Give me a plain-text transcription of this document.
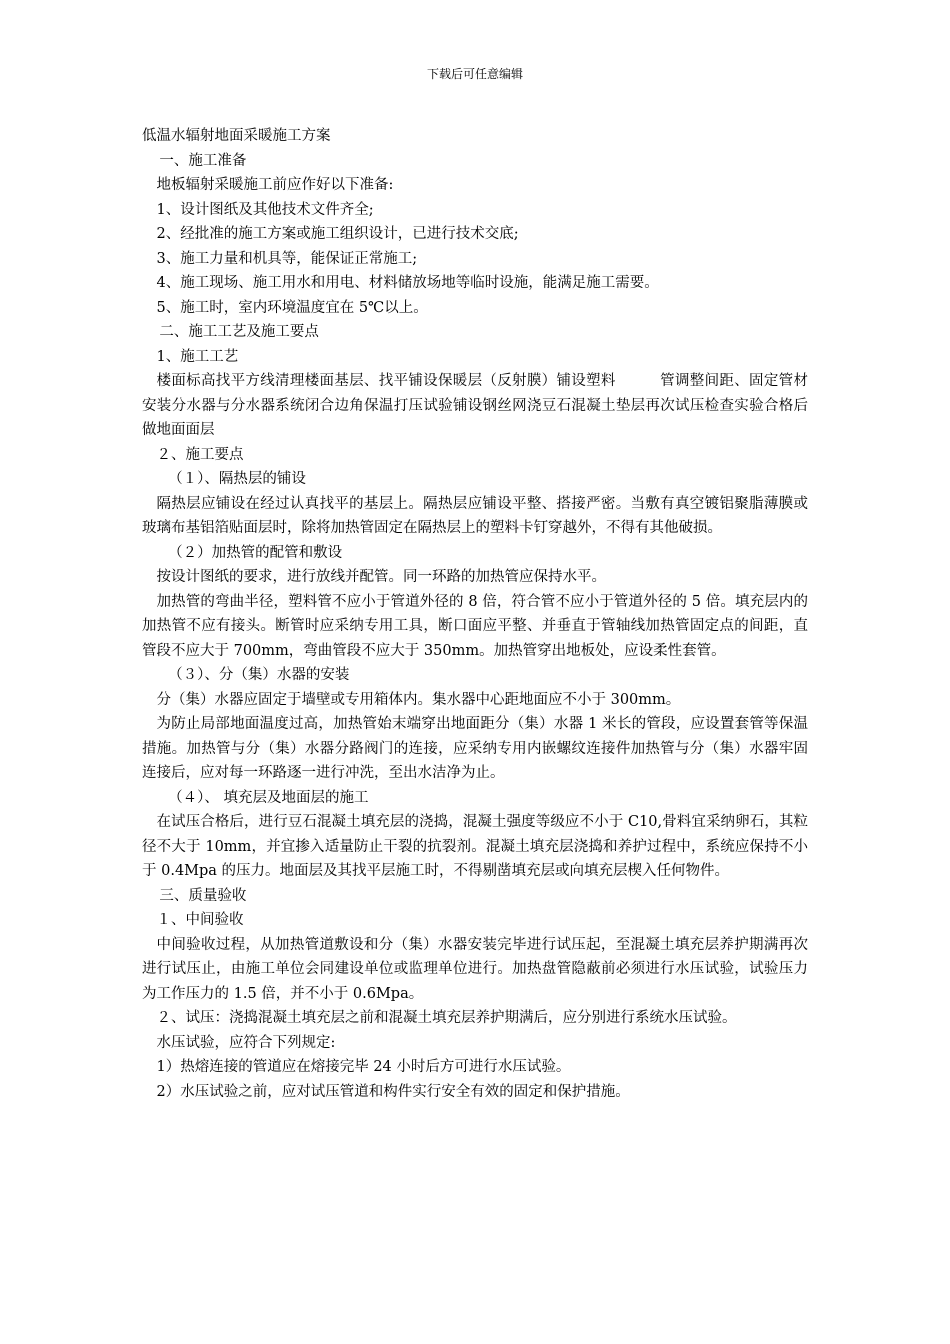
下载后可任意编辑

低温水辐射地面采暖施工方案

一、施工准备

地板辐射采暖施工前应作好以下准备:

1、设计图纸及其他技术文件齐全;

2、经批准的施工方案或施工组织设计，已进行技术交底;

3、施工力量和机具等，能保证正常施工;

4、施工现场、施工用水和用电、材料储放场地等临时设施，能满足施工需要。

5、施工时，室内环境温度宜在 5℃以上。

二、施工工艺及施工要点

1、施工工艺

楼面标高找平方线清理楼面基层、找平铺设保暖层（反射膜）铺设塑料　　　管调整间距、固定管材安装分水器与分水器系统闭合边角保温打压试验铺设钢丝网浇豆石混凝土垫层再次试压检查实验合格后做地面面层

２、施工要点

（１）、隔热层的铺设

隔热层应铺设在经过认真找平的基层上。隔热层应铺设平整、搭接严密。当敷有真空镀铝聚脂薄膜或玻璃布基铝箔贴面层时，除将加热管固定在隔热层上的塑料卡钉穿越外，不得有其他破损。

（２）加热管的配管和敷设

按设计图纸的要求，进行放线并配管。同一环路的加热管应保持水平。

加热管的弯曲半径，塑料管不应小于管道外径的 8 倍，符合管不应小于管道外径的 5 倍。填充层内的加热管不应有接头。断管时应采纳专用工具，断口面应平整、并垂直于管轴线加热管固定点的间距，直管段不应大于 700mm，弯曲管段不应大于 350mm。加热管穿出地板处，应设柔性套管。

（３）、分（集）水器的安装

分（集）水器应固定于墙壁或专用箱体内。集水器中心距地面应不小于 300mm。

为防止局部地面温度过高，加热管始末端穿出地面距分（集）水器 1 米长的管段，应设置套管等保温措施。加热管与分（集）水器分路阀门的连接，应采纳专用内嵌螺纹连接件加热管与分（集）水器牢固连接后，应对每一环路逐一进行冲洗，至出水洁净为止。

（４）、 填充层及地面层的施工

在试压合格后，进行豆石混凝土填充层的浇捣，混凝土强度等级应不小于 C10,骨料宜采纳卵石，其粒径不大于 10mm，并宜掺入适量防止干裂的抗裂剂。混凝土填充层浇捣和养护过程中，系统应保持不小于 0.4Mpa 的压力。地面层及其找平层施工时，不得剔凿填充层或向填充层楔入任何物件。

三、质量验收

１、中间验收

中间验收过程，从加热管道敷设和分（集）水器安装完毕进行试压起，至混凝土填充层养护期满再次进行试压止，由施工单位会同建设单位或监理单位进行。加热盘管隐蔽前必须进行水压试验，试验压力为工作压力的 1.5 倍，并不小于 0.6Mpa。

２、试压：浇捣混凝土填充层之前和混凝土填充层养护期满后，应分别进行系统水压试验。

水压试验，应符合下列规定:

1）热熔连接的管道应在熔接完毕 24 小时后方可进行水压试验。

2）水压试验之前，应对试压管道和构件实行安全有效的固定和保护措施。
